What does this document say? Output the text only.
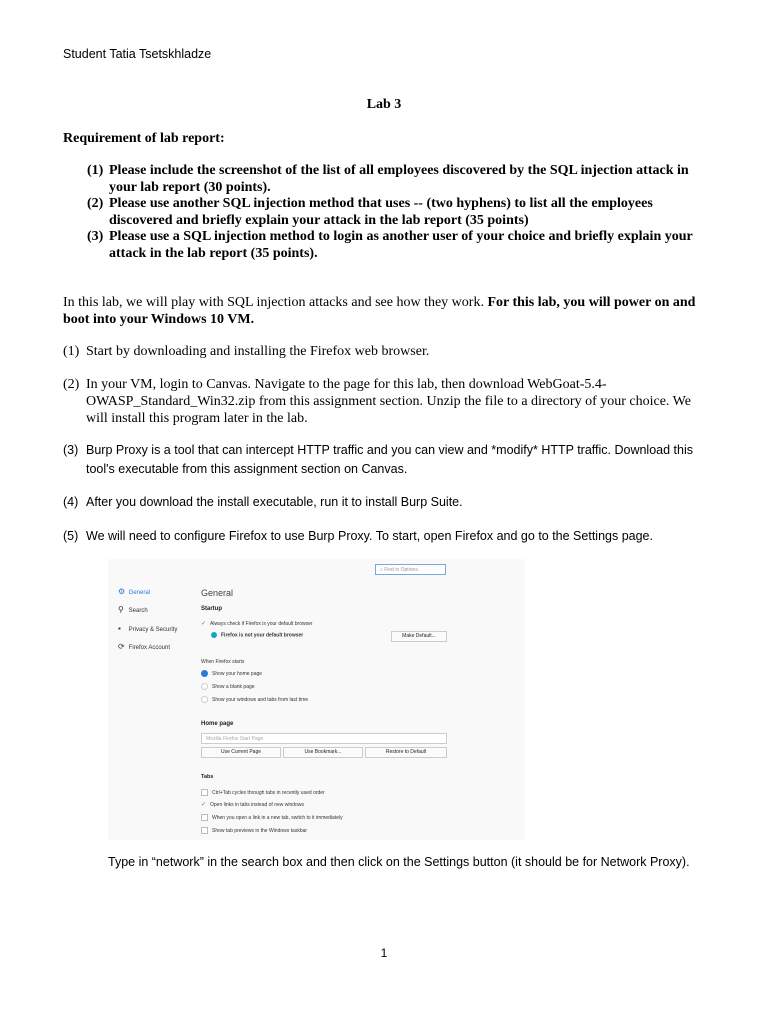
Student Tatia Tsetskhladze
Lab 3
Requirement of lab report:
(1) Please include the screenshot of the list of all employees discovered by the SQL injection attack in your lab report (30 points).
(2) Please use another SQL injection method that uses -- (two hyphens) to list all the employees discovered and briefly explain your attack in the lab report (35 points)
(3) Please use a SQL injection method to login as another user of your choice and briefly explain your attack in the lab report (35 points).
In this lab, we will play with SQL injection attacks and see how they work. For this lab, you will power on and boot into your Windows 10 VM.
(1) Start by downloading and installing the Firefox web browser.
(2) In your VM, login to Canvas. Navigate to the page for this lab, then download WebGoat-5.4-OWASP_Standard_Win32.zip from this assignment section. Unzip the file to a directory of your choice. We will install this program later in the lab.
(3) Burp Proxy is a tool that can intercept HTTP traffic and you can view and *modify* HTTP traffic. Download this tool's executable from this assignment section on Canvas.
(4) After you download the install executable, run it to install Burp Suite.
(5) We will need to configure Firefox to use Burp Proxy. To start, open Firefox and go to the Settings page.
⌕ Find in Options
⚙ General
⚲ Search
▪ Privacy & Security
⟳ Firefox Account
General
Startup
✓ Always check if Firefox is your default browser
Firefox is not your default browser	Make Default...
When Firefox starts
Show your home page
Show a blank page
Show your windows and tabs from last time
Home page
Mozilla Firefox Start Page
Use Current Page	Use Bookmark...	Restore to Default
Tabs
Ctrl+Tab cycles through tabs in recently used order
✓ Open links in tabs instead of new windows
When you open a link in a new tab, switch to it immediately
Show tab previews in the Windows taskbar
Type in “network” in the search box and then click on the Settings button (it should be for Network Proxy).
1
